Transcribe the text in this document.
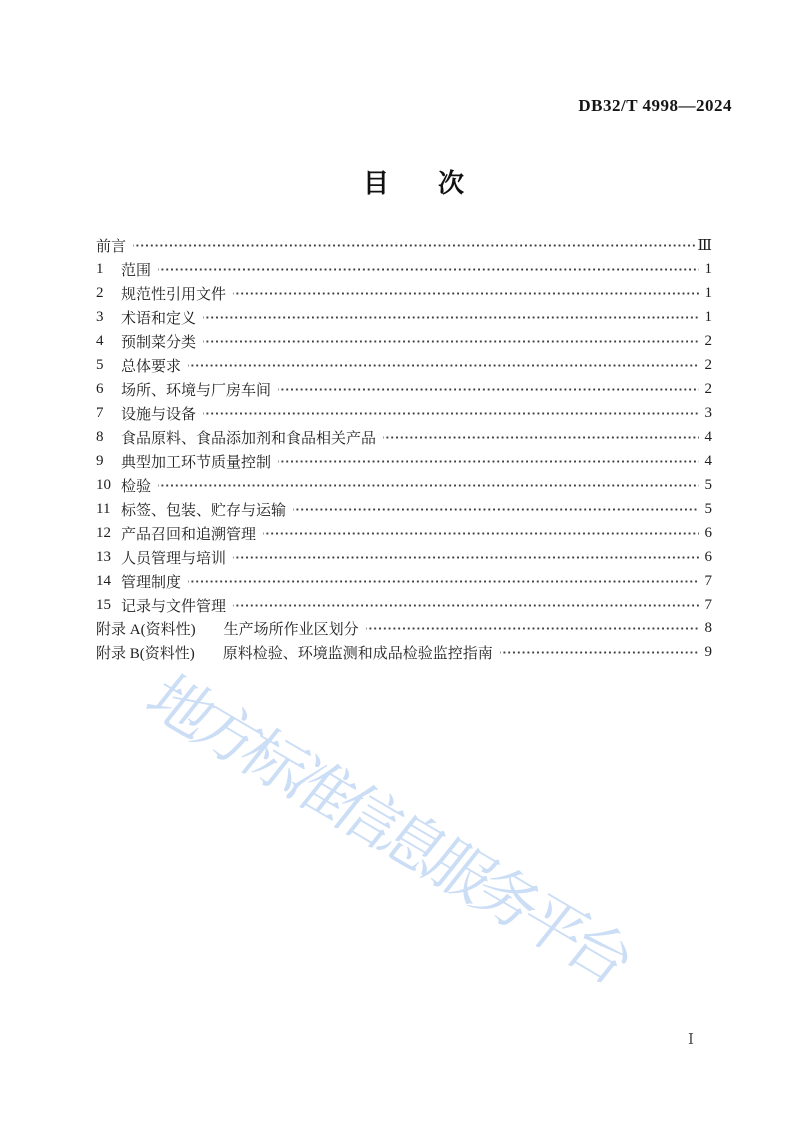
DB32/T 4998—2024
目 次
前言	Ⅲ
1	范围	1
2	规范性引用文件	1
3	术语和定义	1
4	预制菜分类	2
5	总体要求	2
6	场所、环境与厂房车间	2
7	设施与设备	3
8	食品原料、食品添加剂和食品相关产品	4
9	典型加工环节质量控制	4
10 检验	5
11 标签、包装、贮存与运输	5
12 产品召回和追溯管理	6
13 人员管理与培训	6
14 管理制度	7
15 记录与文件管理	7
附录 A(资料性) 生产场所作业区划分	8
附录 B(资料性) 原料检验、环境监测和成品检验监控指南	9
地方标准信息服务平台
Ⅰ
